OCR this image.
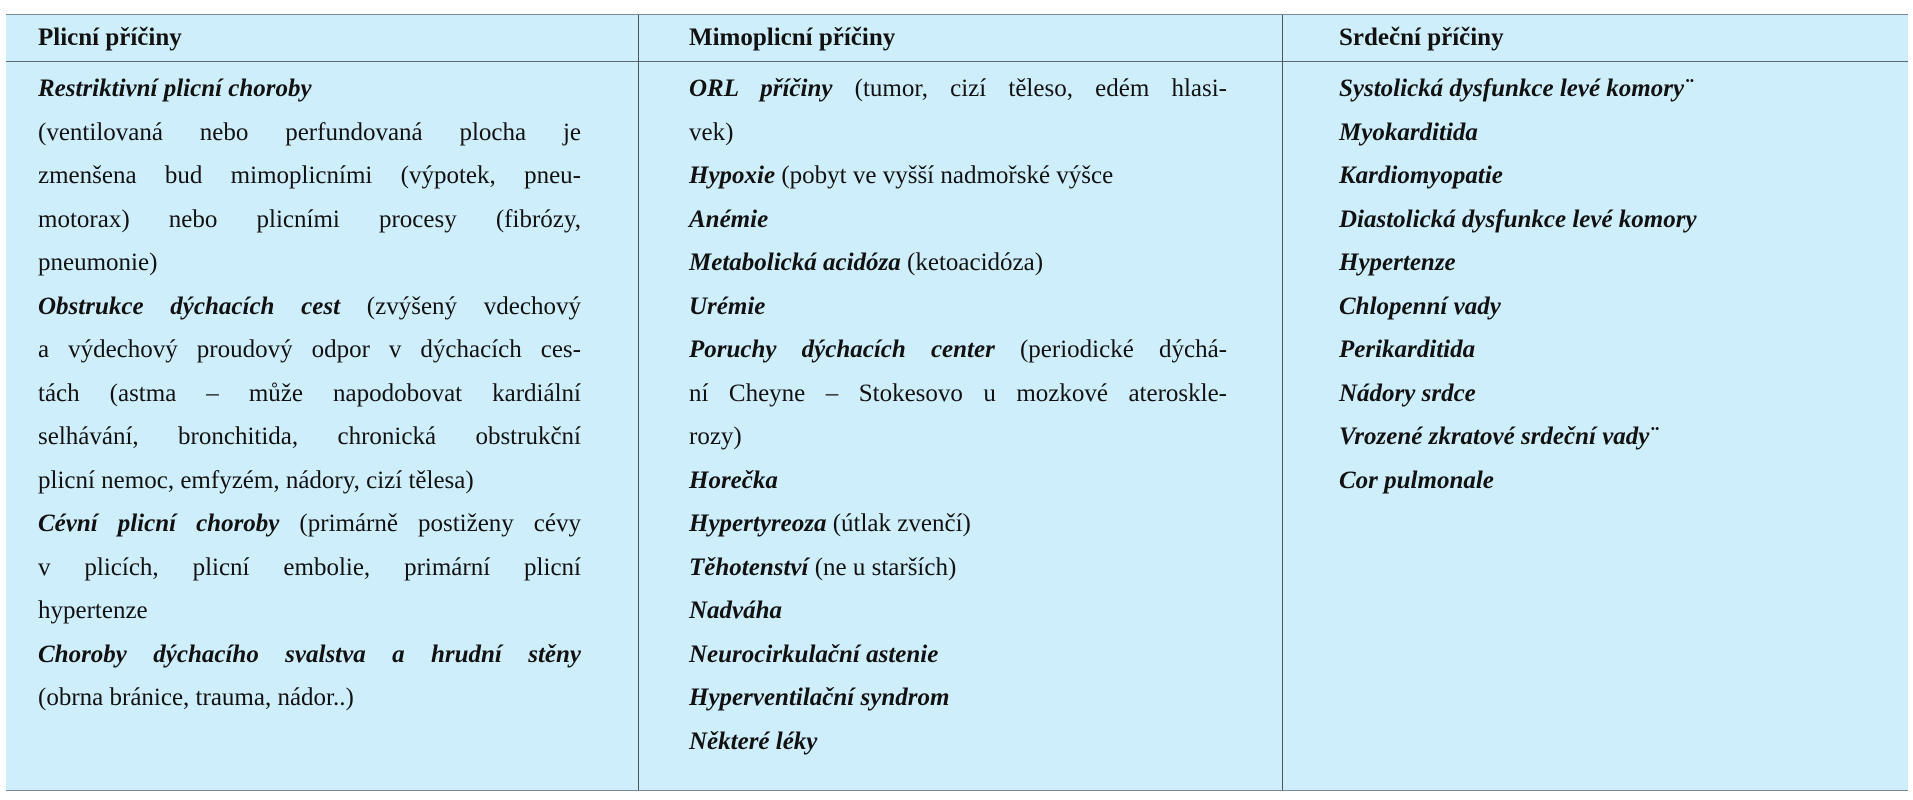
Plicní příčiny	Mimoplicní příčiny	Srdeční příčiny

Restriktivní plicní choroby

(ventilovaná nebo perfundovaná plocha je

zmenšena bud mimoplicními (výpotek, pneu-

motorax) nebo plicními procesy (fibrózy,

pneumonie)

Obstrukce dýchacích cest (zvýšený vdechový

a výdechový proudový odpor v dýchacích ces-

tách (astma – může napodobovat kardiální

selhávání, bronchitida, chronická obstrukční

plicní nemoc, emfyzém, nádory, cizí tělesa)

Cévní plicní choroby (primárně postiženy cévy

v plicích, plicní embolie, primární plicní

hypertenze

Choroby dýchacího svalstva a hrudní stěny

(obrna bránice, trauma, nádor..)

ORL příčiny (tumor, cizí těleso, edém hlasi-

vek)

Hypoxie (pobyt ve vyšší nadmořské výšce

Anémie

Metabolická acidóza (ketoacidóza)

Urémie

Poruchy dýchacích center (periodické dýchá-

ní Cheyne – Stokesovo u mozkové ateroskle-

rozy)

Horečka

Hypertyreoza (útlak zvenčí)

Těhotenství (ne u starších)

Nadváha

Neurocirkulační astenie

Hyperventilační syndrom

Některé léky

Systolická dysfunkce levé komory¨

Myokarditida

Kardiomyopatie

Diastolická dysfunkce levé komory

Hypertenze

Chlopenní vady

Perikarditida

Nádory srdce

Vrozené zkratové srdeční vady¨

Cor pulmonale
